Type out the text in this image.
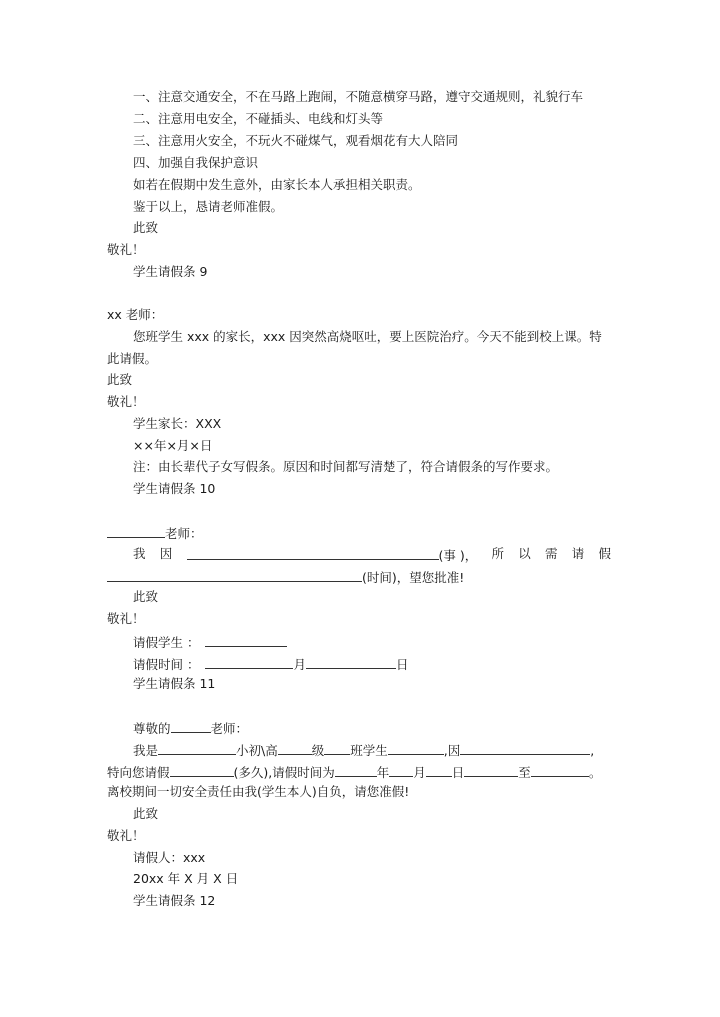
一、注意交通安全，不在马路上跑闹，不随意横穿马路，遵守交通规则，礼貌行车
二、注意用电安全，不碰插头、电线和灯头等
三、注意用火安全，不玩火不碰煤气，观看烟花有大人陪同
四、加强自我保护意识
如若在假期中发生意外，由家长本人承担相关职责。
鉴于以上，恳请老师准假。
此致
敬礼！
学生请假条 9
xx 老师：
您班学生 xxx 的家长，xxx 因突然高烧呕吐，要上医院治疗。今天不能到校上课。特
此请假。
此致
敬礼！
学生家长：XXX
××年×月×日
注：由长辈代子女写假条。原因和时间都写清楚了，符合请假条的写作要求。
学生请假条 10
老师：
我 因	(事 )， 所 以 需 请 假
(时间)，望您批准!
此致
敬礼！
请假学生 ：
请假时间 ：	月	日
学生请假条 11
尊敬的	老师：
我是	小初\高	级 班学生	,因	,
特向您请假	(多久),请假时间为	年 月 日	至	。
离校期间一切安全责任由我(学生本人)自负，请您准假!
此致
敬礼！
请假人：xxx
20xx 年 X 月 X 日
学生请假条 12
